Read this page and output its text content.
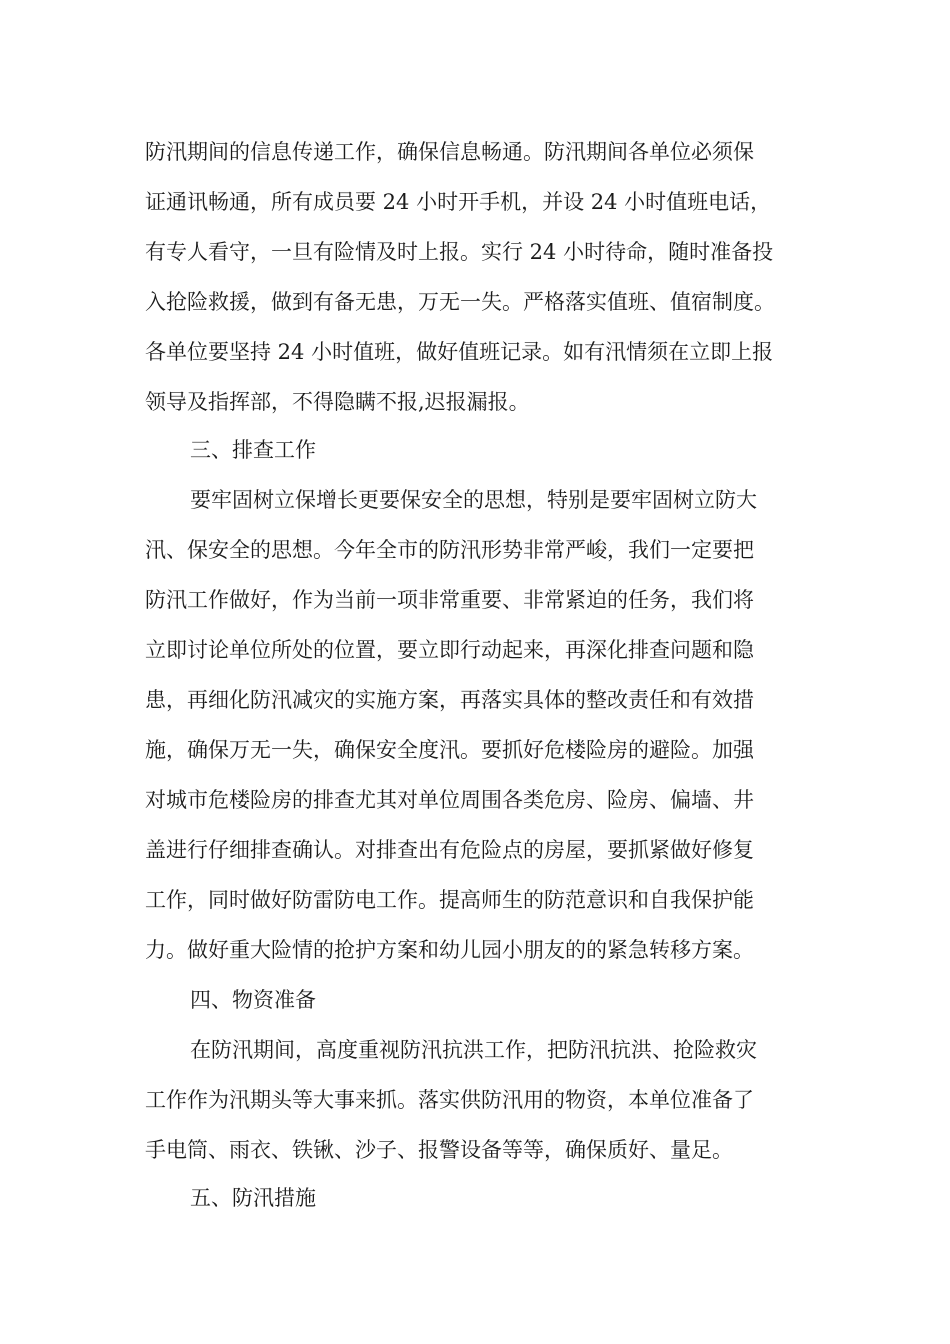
防汛期间的信息传递工作，确保信息畅通。防汛期间各单位必须保
证通讯畅通，所有成员要 24 小时开手机，并设 24 小时值班电话，
有专人看守，一旦有险情及时上报。实行 24 小时待命，随时准备投
入抢险救援，做到有备无患，万无一失。严格落实值班、值宿制度。
各单位要坚持 24 小时值班，做好值班记录。如有汛情须在立即上报
领导及指挥部，不得隐瞒不报,迟报漏报。
三、排查工作
要牢固树立保增长更要保安全的思想，特别是要牢固树立防大
汛、保安全的思想。今年全市的防汛形势非常严峻，我们一定要把
防汛工作做好，作为当前一项非常重要、非常紧迫的任务，我们将
立即讨论单位所处的位置，要立即行动起来，再深化排查问题和隐
患，再细化防汛减灾的实施方案，再落实具体的整改责任和有效措
施，确保万无一失，确保安全度汛。要抓好危楼险房的避险。加强
对城市危楼险房的排查尤其对单位周围各类危房、险房、偏墙、井
盖进行仔细排查确认。对排查出有危险点的房屋，要抓紧做好修复
工作，同时做好防雷防电工作。提高师生的防范意识和自我保护能
力。做好重大险情的抢护方案和幼儿园小朋友的的紧急转移方案。
四、物资准备
在防汛期间，高度重视防汛抗洪工作，把防汛抗洪、抢险救灾
工作作为汛期头等大事来抓。落实供防汛用的物资，本单位准备了
手电筒、雨衣、铁锹、沙子、报警设备等等，确保质好、量足。
五、防汛措施
